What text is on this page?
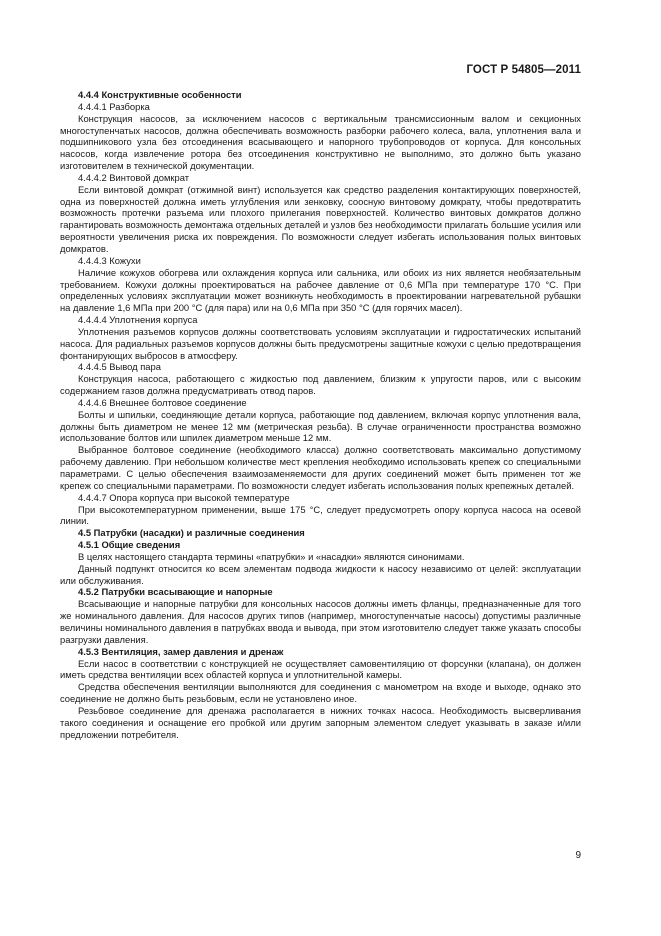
ГОСТ Р 54805—2011

4.4.4 Конструктивные особенности

4.4.4.1 Разборка

Конструкция насосов, за исключением насосов с вертикальным трансмиссионным валом и секционных многоступенчатых насосов, должна обеспечивать возможность разборки рабочего колеса, вала, уплотнения вала и подшипникового узла без отсоединения всасывающего и напорного трубопроводов от корпуса. Для консольных насосов, когда извлечение ротора без отсоединения конструктивно не выполнимо, это должно быть указано изготовителем в технической документации.

4.4.4.2 Винтовой домкрат

Если винтовой домкрат (отжимной винт) используется как средство разделения контактирующих поверхностей, одна из поверхностей должна иметь углубления или зенковку, соосную винтовому домкрату, чтобы предотвратить возможность протечки разъема или плохого прилегания поверхностей. Количество винтовых домкратов должно гарантировать возможность демонтажа отдельных деталей и узлов без необходимости прилагать большие усилия или вероятности увеличения риска их повреждения. По возможности следует избегать использования полых винтовых домкратов.

4.4.4.3 Кожухи

Наличие кожухов обогрева или охлаждения корпуса или сальника, или обоих из них является необязательным требованием. Кожухи должны проектироваться на рабочее давление от 0,6 МПа при температуре 170 °С. При определенных условиях эксплуатации может возникнуть необходимость в проектировании нагревательной рубашки на давление 1,6 МПа при 200 °С (для пара) или на 0,6 МПа при 350 °С (для горячих масел).

4.4.4.4 Уплотнения корпуса

Уплотнения разъемов корпусов должны соответствовать условиям эксплуатации и гидростатических испытаний насоса. Для радиальных разъемов корпусов должны быть предусмотрены защитные кожухи с целью предотвращения фонтанирующих выбросов в атмосферу.

4.4.4.5 Вывод пара

Конструкция насоса, работающего с жидкостью под давлением, близким к упругости паров, или с высоким содержанием газов должна предусматривать отвод паров.

4.4.4.6 Внешнее болтовое соединение

Болты и шпильки, соединяющие детали корпуса, работающие под давлением, включая корпус уплотнения вала, должны быть диаметром не менее 12 мм (метрическая резьба). В случае ограниченности пространства возможно использование болтов или шпилек диаметром меньше 12 мм.

Выбранное болтовое соединение (необходимого класса) должно соответствовать максимально допустимому рабочему давлению. При небольшом количестве мест крепления необходимо использовать крепеж со специальными параметрами. С целью обеспечения взаимозаменяемости для других соединений может быть применен тот же крепеж со специальными параметрами. По возможности следует избегать использования полых крепежных деталей.

4.4.4.7 Опора корпуса при высокой температуре

При высокотемпературном применении, выше 175 °С, следует предусмотреть опору корпуса насоса на осевой линии.

4.5 Патрубки (насадки) и различные соединения

4.5.1 Общие сведения

В целях настоящего стандарта термины «патрубки» и «насадки» являются синонимами.

Данный подпункт относится ко всем элементам подвода жидкости к насосу независимо от целей: эксплуатации или обслуживания.

4.5.2 Патрубки всасывающие и напорные

Всасывающие и напорные патрубки для консольных насосов должны иметь фланцы, предназначенные для того же номинального давления. Для насосов других типов (например, многоступенчатые насосы) допустимы различные величины номинального давления в патрубках ввода и вывода, при этом изготовителю следует также указать способы разгрузки давления.

4.5.3 Вентиляция, замер давления и дренаж

Если насос в соответствии с конструкцией не осуществляет самовентиляцию от форсунки (клапана), он должен иметь средства вентиляции всех областей корпуса и уплотнительной камеры.

Средства обеспечения вентиляции выполняются для соединения с манометром на входе и выходе, однако это соединение не должно быть резьбовым, если не установлено иное.

Резьбовое соединение для дренажа располагается в нижних точках насоса. Необходимость высверливания такого соединения и оснащение его пробкой или другим запорным элементом следует указывать в заказе и/или предложении потребителя.

9
